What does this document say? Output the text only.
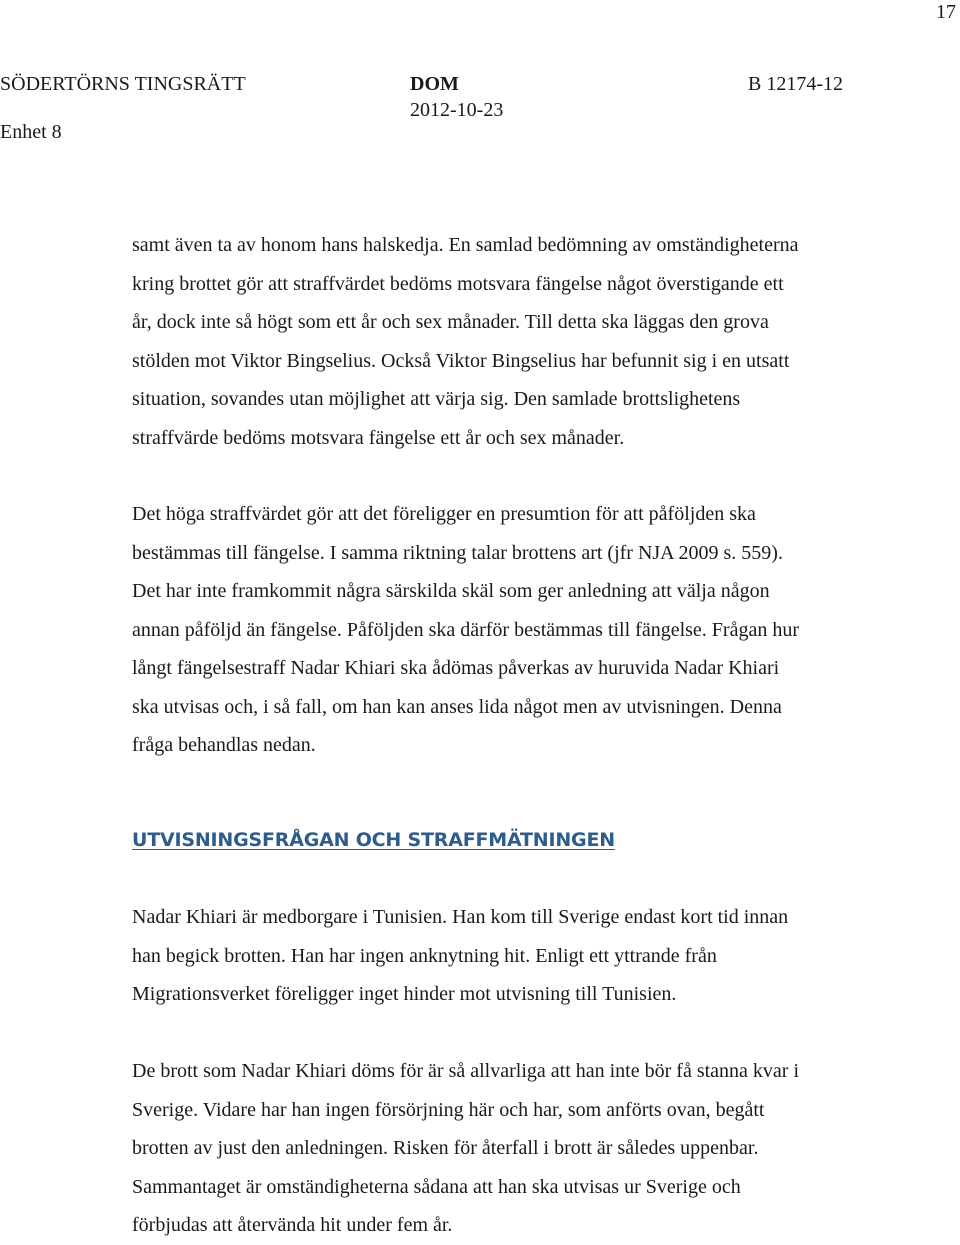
17
SÖDERTÖRNS TINGSRÄTT
Enhet 8
DOM
2012-10-23
B 12174-12
samt även ta av honom hans halskedja. En samlad bedömning av omständigheterna
kring brottet gör att straffvärdet bedöms motsvara fängelse något överstigande ett
år, dock inte så högt som ett år och sex månader. Till detta ska läggas den grova
stölden mot Viktor Bingselius. Också Viktor Bingselius har befunnit sig i en utsatt
situation, sovandes utan möjlighet att värja sig. Den samlade brottslighetens
straffvärde bedöms motsvara fängelse ett år och sex månader.
Det höga straffvärdet gör att det föreligger en presumtion för att påföljden ska
bestämmas till fängelse. I samma riktning talar brottens art (jfr NJA 2009 s. 559).
Det har inte framkommit några särskilda skäl som ger anledning att välja någon
annan påföljd än fängelse. Påföljden ska därför bestämmas till fängelse. Frågan hur
långt fängelsestraff Nadar Khiari ska ådömas påverkas av huruvida Nadar Khiari
ska utvisas och, i så fall, om han kan anses lida något men av utvisningen. Denna
fråga behandlas nedan.
UTVISNINGSFRÅGAN OCH STRAFFMÄTNINGEN
Nadar Khiari är medborgare i Tunisien. Han kom till Sverige endast kort tid innan
han begick brotten. Han har ingen anknytning hit. Enligt ett yttrande från
Migrationsverket föreligger inget hinder mot utvisning till Tunisien.
De brott som Nadar Khiari döms för är så allvarliga att han inte bör få stanna kvar i
Sverige. Vidare har han ingen försörjning här och har, som anförts ovan, begått
brotten av just den anledningen. Risken för återfall i brott är således uppenbar.
Sammantaget är omständigheterna sådana att han ska utvisas ur Sverige och
förbjudas att återvända hit under fem år.
